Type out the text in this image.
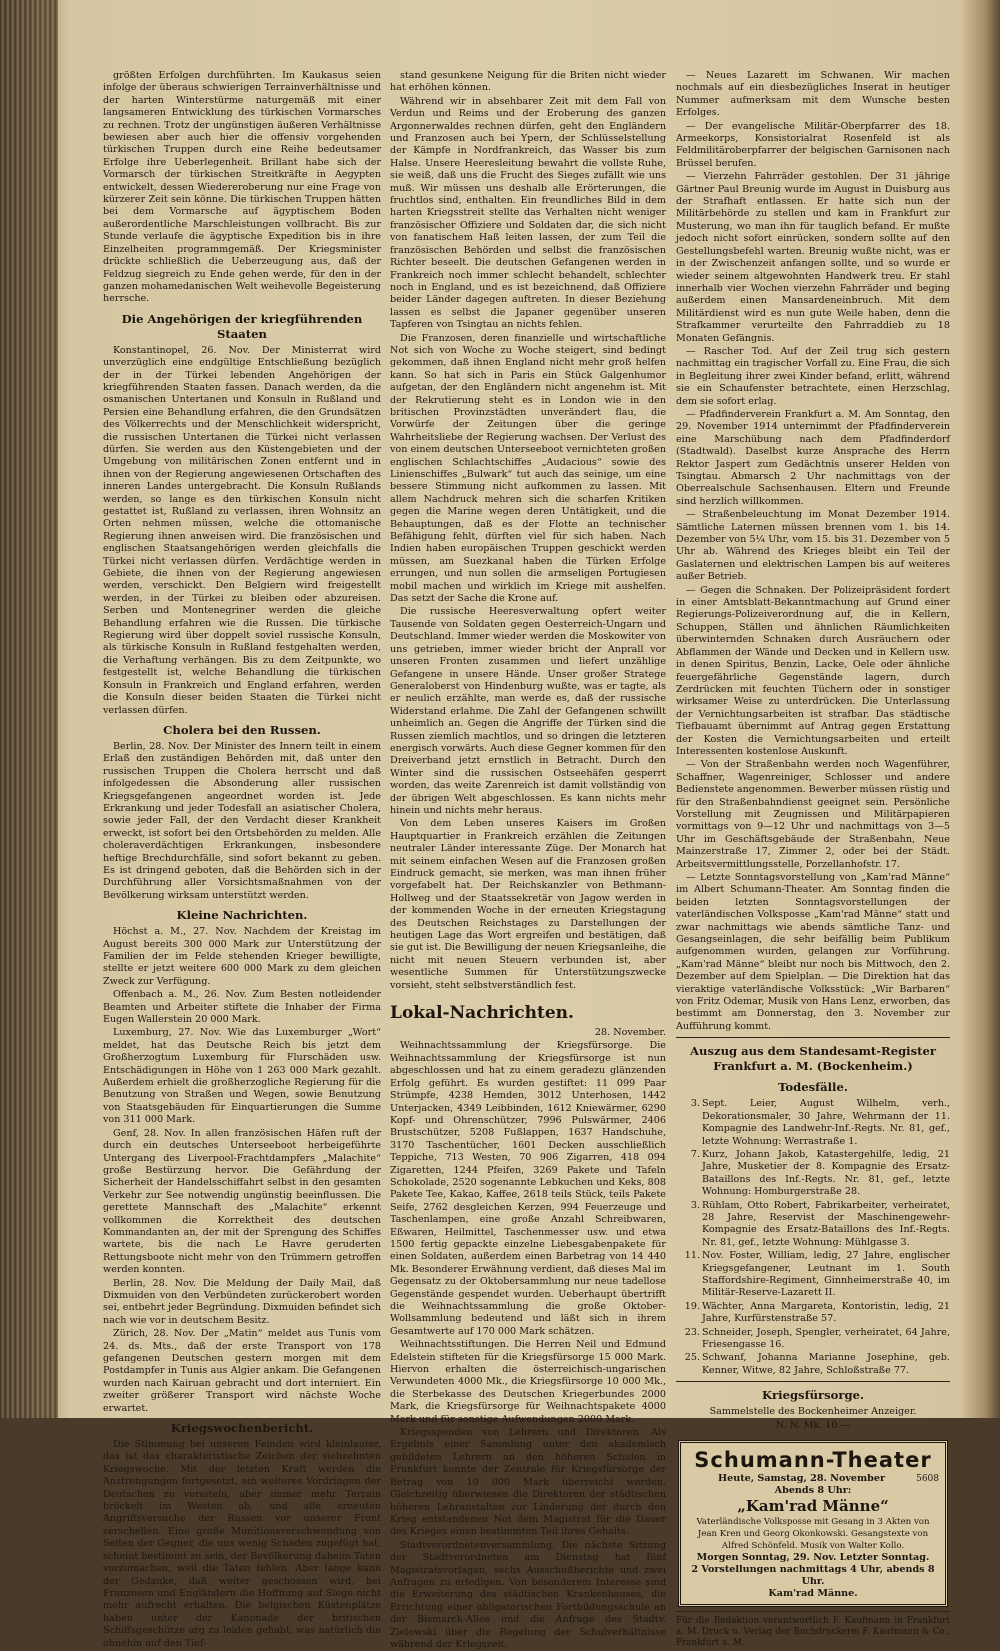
größten Erfolgen durchführten. Im Kaukasus seien infolge der überaus schwierigen Terrainverhältnisse und der harten Winterstürme naturgemäß mit einer langsameren Entwicklung des türkischen Vormarsches zu rechnen. Trotz der ungünstigen äußeren Verhältnisse bewiesen aber auch hier die offensiv vorgehenden türkischen Truppen durch eine Reihe bedeutsamer Erfolge ihre Ueberlegenheit. Brillant habe sich der Vormarsch der türkischen Streitkräfte in Aegypten entwickelt, dessen Wiedereroberung nur eine Frage von kürzerer Zeit sein könne. Die türkischen Truppen hätten bei dem Vormarsche auf ägyptischem Boden außerordentliche Marschleistungen vollbracht. Bis zur Stunde verlaufe die ägyptische Expedition bis in ihre Einzelheiten programmgemäß. Der Kriegsminister drückte schließlich die Ueberzeugung aus, daß der Feldzug siegreich zu Ende gehen werde, für den in der ganzen mohamedanischen Welt weihevolle Begeisterung herrsche.

Die Angehörigen der kriegführenden Staaten

Konstantinopel, 26. Nov. Der Ministerrat wird unverzüglich eine endgültige Entschließung bezüglich der in der Türkei lebenden Angehörigen der kriegführenden Staaten fassen. Danach werden, da die osmanischen Untertanen und Konsuln in Rußland und Persien eine Behandlung erfahren, die den Grundsätzen des Völkerrechts und der Menschlichkeit widerspricht, die russischen Untertanen die Türkei nicht verlassen dürfen. Sie werden aus den Küstengebieten und der Umgebung von militärischen Zonen entfernt und in ihnen von der Regierung angewiesenen Ortschaften des inneren Landes untergebracht. Die Konsuln Rußlands werden, so lange es den türkischen Konsuln nicht gestattet ist, Rußland zu verlassen, ihren Wohnsitz an Orten nehmen müssen, welche die ottomanische Regierung ihnen anweisen wird. Die französischen und englischen Staatsangehörigen werden gleichfalls die Türkei nicht verlassen dürfen. Verdächtige werden in Gebiete, die ihnen von der Regierung angewiesen werden, verschickt. Den Belgiern wird freigestellt werden, in der Türkei zu bleiben oder abzureisen. Serben und Montenegriner werden die gleiche Behandlung erfahren wie die Russen. Die türkische Regierung wird über doppelt soviel russische Konsuln, als türkische Konsuln in Rußland festgehalten werden, die Verhaftung verhängen. Bis zu dem Zeitpunkte, wo festgestellt ist, welche Behandlung die türkischen Konsuln in Frankreich und England erfahren, werden die Konsuln dieser beiden Staaten die Türkei nicht verlassen dürfen.

Cholera bei den Russen.

Berlin, 28. Nov. Der Minister des Innern teilt in einem Erlaß den zuständigen Behörden mit, daß unter den russischen Truppen die Cholera herrscht und daß infolgedessen die Absonderung aller russischen Kriegsgefangenen angeordnet worden ist. Jede Erkrankung und jeder Todesfall an asiatischer Cholera, sowie jeder Fall, der den Verdacht dieser Krankheit erweckt, ist sofort bei den Ortsbehörden zu melden. Alle choleraverdächtigen Erkrankungen, insbesondere heftige Brechdurchfälle, sind sofort bekannt zu geben. Es ist dringend geboten, daß die Behörden sich in der Durchführung aller Vorsichtsmaßnahmen von der Bevölkerung wirksam unterstützt werden.

Kleine Nachrichten.

Höchst a. M., 27. Nov. Nachdem der Kreistag im August bereits 300 000 Mark zur Unterstützung der Familien der im Felde stehenden Krieger bewilligte, stellte er jetzt weitere 600 000 Mark zu dem gleichen Zweck zur Verfügung.

Offenbach a. M., 26. Nov. Zum Besten notleidender Beamten und Arbeiter stiftete die Inhaber der Firma Eugen Wallerstein 20 000 Mark.

Luxemburg, 27. Nov. Wie das Luxemburger „Wort“ meldet, hat das Deutsche Reich bis jetzt dem Großherzogtum Luxemburg für Flurschäden usw. Entschädigungen in Höhe von 1 263 000 Mark gezahlt. Außerdem erhielt die großherzogliche Regierung für die Benutzung von Straßen und Wegen, sowie Benutzung von Staatsgebäuden für Einquartierungen die Summe von 311 000 Mark.

Genf, 28. Nov. In allen französischen Häfen ruft der durch ein deutsches Unterseeboot herbeigeführte Untergang des Liverpool-Frachtdampfers „Malachite“ große Bestürzung hervor. Die Gefährdung der Sicherheit der Handelsschiffahrt selbst in den gesamten Verkehr zur See notwendig ungünstig beeinflussen. Die gerettete Mannschaft des „Malachite“ erkennt vollkommen die Korrektheit des deutschen Kommandanten an, der mit der Sprengung des Schiffes wartete, bis die nach Le Havre geruderten Rettungsboote nicht mehr von den Trümmern getroffen werden konnten.

Berlin, 28. Nov. Die Meldung der Daily Mail, daß Dixmuiden von den Verbündeten zurückerobert worden sei, entbehrt jeder Begründung. Dixmuiden befindet sich nach wie vor in deutschem Besitz.

Zürich, 28. Nov. Der „Matin“ meldet aus Tunis vom 24. ds. Mts., daß der erste Transport von 178 gefangenen Deutschen gestern morgen mit dem Postdampfer in Tunis aus Algier ankam. Die Gefangenen wurden nach Kairuan gebracht und dort interniert. Ein zweiter größerer Transport wird nächste Woche erwartet.

Kriegswochenbericht.

Die Stimmung bei unseren Feinden wird kleinlauter, das ist das charakteristische Zeichen der siebzehnten Kriegswoche. Mit der letzten Kraft werden die Anstrengungen fortgesetzt, ein weiteres Vordringen der Deutschen zu vereiteln, aber immer mehr Terrain bröckelt im Westen ab, und alle erneuten Angriffsversuche der Russen vor unserer Front zerschellen. Eine große Munitionsverschwendung von Seiten der Gegner, die uns wenig Schaden zugefügt hat, scheint bestimmt zu sein, der Bevölkerung daheim Taten vorzumachen, weil die Taten fehlen. Aber lange kann der Gedanke, daß weiter geschossen wird, bei Franzosen und Engländern die Hoffnung auf Siege nicht mehr aufrecht erhalten. Die belgischen Küstenplätze haben unter der Kanonade der britischen Schiffsgeschütze arg zu leiden gehabt, was natürlich die ohnehin auf den Tief-

stand gesunkene Neigung für die Briten nicht wieder hat erhöhen können.

Während wir in absehbarer Zeit mit dem Fall von Verdun und Reims und der Eroberung des ganzen Argonnerwaldes rechnen dürfen, geht den Engländern und Franzosen auch bei Ypern, der Schlüsselstellung der Kämpfe in Nordfrankreich, das Wasser bis zum Halse. Unsere Heeresleitung bewahrt die vollste Ruhe, sie weiß, daß uns die Frucht des Sieges zufällt wie uns muß. Wir müssen uns deshalb alle Erörterungen, die fruchtlos sind, enthalten. Ein freundliches Bild in dem harten Kriegsstreit stellte das Verhalten nicht weniger französischer Offiziere und Soldaten dar, die sich nicht von fanatischem Haß leiten lassen, der zum Teil die französischen Behörden und selbst die französischen Richter beseelt. Die deutschen Gefangenen werden in Frankreich noch immer schlecht behandelt, schlechter noch in England, und es ist bezeichnend, daß Offiziere beider Länder dagegen auftreten. In dieser Beziehung lassen es selbst die Japaner gegenüber unseren Tapferen von Tsingtau an nichts fehlen.

Die Franzosen, deren finanzielle und wirtschaftliche Not sich von Woche zu Woche steigert, sind bedingt gekommen, daß ihnen England nicht mehr groß helfen kann. So hat sich in Paris ein Stück Galgenhumor aufgetan, der den Engländern nicht angenehm ist. Mit der Rekrutierung steht es in London wie in den britischen Provinzstädten unverändert flau, die Vorwürfe der Zeitungen über die geringe Wahrheitsliebe der Regierung wachsen. Der Verlust des von einem deutschen Unterseeboot vernichteten großen englischen Schlachtschiffes „Audacious“ sowie des Linienschiffes „Bulwark“ tut auch das seinige, um eine bessere Stimmung nicht aufkommen zu lassen. Mit allem Nachdruck mehren sich die scharfen Kritiken gegen die Marine wegen deren Untätigkeit, und die Behauptungen, daß es der Flotte an technischer Befähigung fehlt, dürften viel für sich haben. Nach Indien haben europäischen Truppen geschickt werden müssen, am Suezkanal haben die Türken Erfolge errungen, und nun sollen die armseligen Portugiesen mobil machen und wirklich im Kriege mit aushelfen. Das setzt der Sache die Krone auf.

Die russische Heeresverwaltung opfert weiter Tausende von Soldaten gegen Oesterreich-Ungarn und Deutschland. Immer wieder werden die Moskowiter von uns getrieben, immer wieder bricht der Anprall vor unseren Fronten zusammen und liefert unzählige Gefangene in unsere Hände. Unser großer Stratege Generaloberst von Hindenburg wußte, was er tagte, als er neulich erzählte, man werde es, daß der russische Widerstand erlahme. Die Zahl der Gefangenen schwillt unheimlich an. Gegen die Angriffe der Türken sind die Russen ziemlich machtlos, und so dringen die letzteren energisch vorwärts. Auch diese Gegner kommen für den Dreiverband jetzt ernstlich in Betracht. Durch den Winter sind die russischen Ostseehäfen gesperrt worden, das weite Zarenreich ist damit vollständig von der übrigen Welt abgeschlossen. Es kann nichts mehr hinein und nichts mehr heraus.

Von dem Leben unseres Kaisers im Großen Hauptquartier in Frankreich erzählen die Zeitungen neutraler Länder interessante Züge. Der Monarch hat mit seinem einfachen Wesen auf die Franzosen großen Eindruck gemacht, sie merken, was man ihnen früher vorgefabelt hat. Der Reichskanzler von Bethmann-Hollweg und der Staatssekretär von Jagow werden in der kommenden Woche in der erneuten Kriegstagung des Deutschen Reichstages zu Darstellungen der heutigen Lage das Wort ergreifen und bestätigen, daß sie gut ist. Die Bewilligung der neuen Kriegsanleihe, die nicht mit neuen Steuern verbunden ist, aber wesentliche Summen für Unterstützungszwecke vorsieht, steht selbstverständlich fest.

Lokal-Nachrichten.

28. November.

Weihnachtssammlung der Kriegsfürsorge. Die Weihnachtssammlung der Kriegsfürsorge ist nun abgeschlossen und hat zu einem geradezu glänzenden Erfolg geführt. Es wurden gestiftet: 11 099 Paar Strümpfe, 4238 Hemden, 3012 Unterhosen, 1442 Unterjacken, 4349 Leibbinden, 1612 Kniewärmer, 6290 Kopf- und Ohrenschützer, 7996 Pulswärmer, 2406 Brustschützer, 5208 Fußlappen, 1637 Handschuhe, 3170 Taschentücher, 1601 Decken ausschließlich Teppiche, 713 Westen, 70 906 Zigarren, 418 094 Zigaretten, 1244 Pfeifen, 3269 Pakete und Tafeln Schokolade, 2520 sogenannte Lebkuchen und Keks, 808 Pakete Tee, Kakao, Kaffee, 2618 teils Stück, teils Pakete Seife, 2762 desgleichen Kerzen, 994 Feuerzeuge und Taschenlampen, eine große Anzahl Schreibwaren, Eßwaren, Heilmittel, Taschenmesser usw. und etwa 1500 fertig gepackte einzelne Liebesgabenpakete für einen Soldaten, außerdem einen Barbetrag von 14 440 Mk. Besonderer Erwähnung verdient, daß dieses Mal im Gegensatz zu der Oktobersammlung nur neue tadellose Gegenstände gespendet wurden. Ueberhaupt übertrifft die Weihnachtssammlung die große Oktober-Wollsammlung bedeutend und läßt sich in ihrem Gesamtwerte auf 170 000 Mark schätzen.

Weihnachtsstiftungen. Die Herren Neil und Edmund Edelstein stifteten für die Kriegsfürsorge 15 000 Mark. Hiervon erhalten die österreichisch-ungarischen Verwundeten 4000 Mk., die Kriegsfürsorge 10 000 Mk., die Sterbekasse des Deutschen Kriegerbundes 2000 Mark, die Kriegsfürsorge für Weihnachtspakete 4000 Mark und für sonstige Aufwendungen 2000 Mark.

Kriegsspenden von Lehrern und Direktoren. Als Ergebnis einer Sammlung unter den akademisch gebildeten Lehrern an den höheren Schulen in Frankfurt konnte der Zentrale für Kriegsfürsorge der Betrag von 10 000 Mark überreicht werden. Gleichzeitig überwiesen die Direktoren der städtischen höheren Lehranstalten zur Linderung der durch den Krieg entstandenen Not dem Magistrat für die Dauer des Krieges einen bestimmten Teil ihres Gehalts.

Stadtverordnetenversammlung. Die nächste Sitzung der Stadtverordneten am Dienstag hat fünf Magistratsvorlagen, sechs Ausschußberichte und zwei Anfragen zu erledigen. Von besonderem Interesse sind die Erweiterung des städtischen Krankenhauses, die Errichtung einer obligatorischen Fortbildungsschule an der Bismarck-Allee und die Anfrage des Stadtv. Zielowski über die Regelung der Schulverhältnisse während der Kriegszeit.

— Neues Lazarett im Schwanen. Wir machen nochmals auf ein diesbezügliches Inserat in heutiger Nummer aufmerksam mit dem Wunsche besten Erfolges.

— Der evangelische Militär-Oberpfarrer des 18. Armeekorps, Konsistorialrat Rosenfeld ist als Feldmilitäroberpfarrer der belgischen Garnisonen nach Brüssel berufen.

— Vierzehn Fahrräder gestohlen. Der 31 jährige Gärtner Paul Breunig wurde im August in Duisburg aus der Strafhaft entlassen. Er hatte sich nun der Militärbehörde zu stellen und kam in Frankfurt zur Musterung, wo man ihn für tauglich befand. Er mußte jedoch nicht sofort einrücken, sondern sollte auf den Gestellungsbefehl warten. Breunig wußte nicht, was er in der Zwischenzeit anfangen sollte, und so wurde er wieder seinem altgewohnten Handwerk treu. Er stahl innerhalb vier Wochen vierzehn Fahrräder und beging außerdem einen Mansardeneinbruch. Mit dem Militärdienst wird es nun gute Weile haben, denn die Strafkammer verurteilte den Fahrraddieb zu 18 Monaten Gefängnis.

— Rascher Tod. Auf der Zeil trug sich gestern nachmittag ein tragischer Vorfall zu. Eine Frau, die sich in Begleitung ihrer zwei Kinder befand, erlitt, während sie ein Schaufenster betrachtete, einen Herzschlag, dem sie sofort erlag.

— Pfadfinderverein Frankfurt a. M. Am Sonntag, den 29. November 1914 unternimmt der Pfadfinderverein eine Marschübung nach dem Pfadfinderdorf (Stadtwald). Daselbst kurze Ansprache des Herrn Rektor Jaspert zum Gedächtnis unserer Helden von Tsingtau. Abmarsch 2 Uhr nachmittags von der Oberrealschule Sachsenhausen. Eltern und Freunde sind herzlich willkommen.

— Straßenbeleuchtung im Monat Dezember 1914. Sämtliche Laternen müssen brennen vom 1. bis 14. Dezember von 5¼ Uhr, vom 15. bis 31. Dezember von 5 Uhr ab. Während des Krieges bleibt ein Teil der Gaslaternen und elektrischen Lampen bis auf weiteres außer Betrieb.

— Gegen die Schnaken. Der Polizeipräsident fordert in einer Amtsblatt-Bekanntmachung auf Grund einer Regierungs-Polizeiverordnung auf, die in Kellern, Schuppen, Ställen und ähnlichen Räumlichkeiten überwinternden Schnaken durch Ausräuchern oder Abflammen der Wände und Decken und in Kellern usw. in denen Spiritus, Benzin, Lacke, Oele oder ähnliche feuergefährliche Gegenstände lagern, durch Zerdrücken mit feuchten Tüchern oder in sonstiger wirksamer Weise zu unterdrücken. Die Unterlassung der Vernichtungsarbeiten ist strafbar. Das städtische Tiefbauamt übernimmt auf Antrag gegen Erstattung der Kosten die Vernichtungsarbeiten und erteilt Interessenten kostenlose Auskunft.

— Von der Straßenbahn werden noch Wagenführer, Schaffner, Wagenreiniger, Schlosser und andere Bedienstete angenommen. Bewerber müssen rüstig und für den Straßenbahndienst geeignet sein. Persönliche Vorstellung mit Zeugnissen und Militärpapieren vormittags von 9—12 Uhr und nachmittags von 3—5 Uhr im Geschäftsgebäude der Straßenbahn, Neue Mainzerstraße 17, Zimmer 2, oder bei der Städt. Arbeitsvermittlungsstelle, Porzellanhofstr. 17.

— Letzte Sonntagsvorstellung von „Kam'rad Männe“ im Albert Schumann-Theater. Am Sonntag finden die beiden letzten Sonntagsvorstellungen der vaterländischen Volksposse „Kam'rad Männe“ statt und zwar nachmittags wie abends sämtliche Tanz- und Gesangseinlagen, die sehr beifällig beim Publikum aufgenommen wurden, gelangen zur Vorführung. „Kam'rad Männe“ bleibt nur noch bis Mittwoch, den 2. Dezember auf dem Spielplan. — Die Direktion hat das vieraktige vaterländische Volksstück: „Wir Barbaren“ von Fritz Odemar, Musik von Hans Lenz, erworben, das bestimmt am Donnerstag, den 3. November zur Aufführung kommt.

Auszug aus dem Standesamt-Register Frankfurt a. M. (Bockenheim.)
Todesfälle.
3. Sept. Leier, August Wilhelm, verh., Dekorationsmaler, 30 Jahre, Wehrmann der 11. Kompagnie des Landwehr-Inf.-Regts. Nr. 81, gef., letzte Wohnung: Werrastraße 1.
7. Kurz, Johann Jakob, Katastergehilfe, ledig, 21 Jahre, Musketier der 8. Kompagnie des Ersatz-Bataillons des Inf.-Regts. Nr. 81, gef., letzte Wohnung: Homburgerstraße 28.
3. Rühlam, Otto Robert, Fabrikarbeiter, verheiratet, 28 Jahre, Reservist der Maschinengewehr-Kompagnie des Ersatz-Bataillons des Inf.-Regts. Nr. 81, gef., letzte Wohnung: Mühlgasse 3.
11. Nov. Foster, William, ledig, 27 Jahre, englischer Kriegsgefangener, Leutnant im 1. South Staffordshire-Regiment, Ginnheimerstraße 40, im Militär-Reserve-Lazarett II.
19. Wächter, Anna Margareta, Kontoristin, ledig, 21 Jahre, Kurfürstenstraße 57.
23. Schneider, Joseph, Spengler, verheiratet, 64 Jahre, Friesengasse 16.
25. Schwanf, Johanna Marianne Josephine, geb. Kenner, Witwe, 82 Jahre, Schloßstraße 77.
Kriegsfürsorge.

Sammelstelle des Bockenheimer Anzeiger.

N. N. Mk. 10.—

Schumann-Theater
5608
Heute, Samstag, 28. November
Abends 8 Uhr:
„Kam'rad Männe“
Vaterländische Volksposse mit Gesang in 3 Akten von Jean Kren und Georg Okonkowski. Gesangstexte von Alfred Schönfeld. Musik von Walter Kollo.
Morgen Sonntag, 29. Nov. Letzter Sonntag.
2 Vorstellungen nachmittags 4 Uhr, abends 8 Uhr.
Kam'rad Männe.

Für die Redaktion verantwortlich F. Kaufmann in Frankfurt a. M. Druck u. Verlag der Buchdruckerei F. Kaufmann & Co., Frankfurt a. M.
